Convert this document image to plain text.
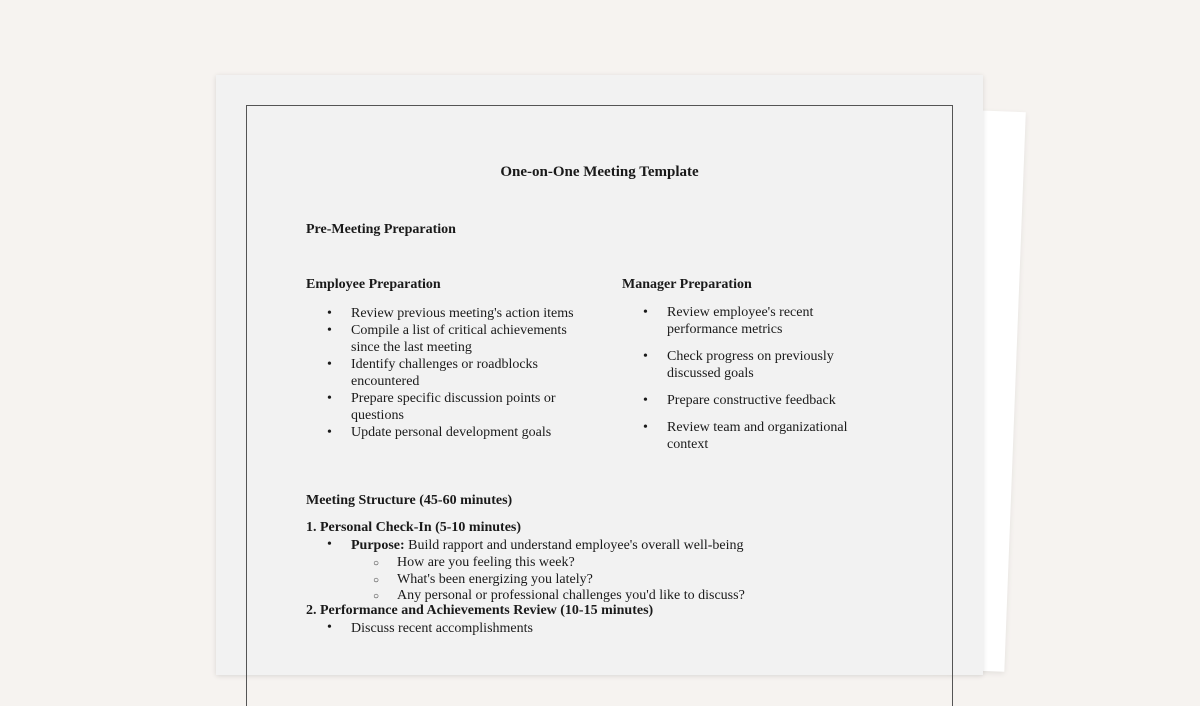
One-on-One Meeting Template
Pre-Meeting Preparation
Employee Preparation
• Review previous meeting's action items
• Compile a list of critical achievements since the last meeting
• Identify challenges or roadblocks encountered
• Prepare specific discussion points or questions
• Update personal development goals
Manager Preparation
• Review employee's recent performance metrics
• Check progress on previously discussed goals
• Prepare constructive feedback
• Review team and organizational context
Meeting Structure (45-60 minutes)
1. Personal Check-In (5-10 minutes)
• Purpose: Build rapport and understand employee's overall well-being
○ How are you feeling this week?
○ What's been energizing you lately?
○ Any personal or professional challenges you'd like to discuss?
2. Performance and Achievements Review (10-15 minutes)
• Discuss recent accomplishments
